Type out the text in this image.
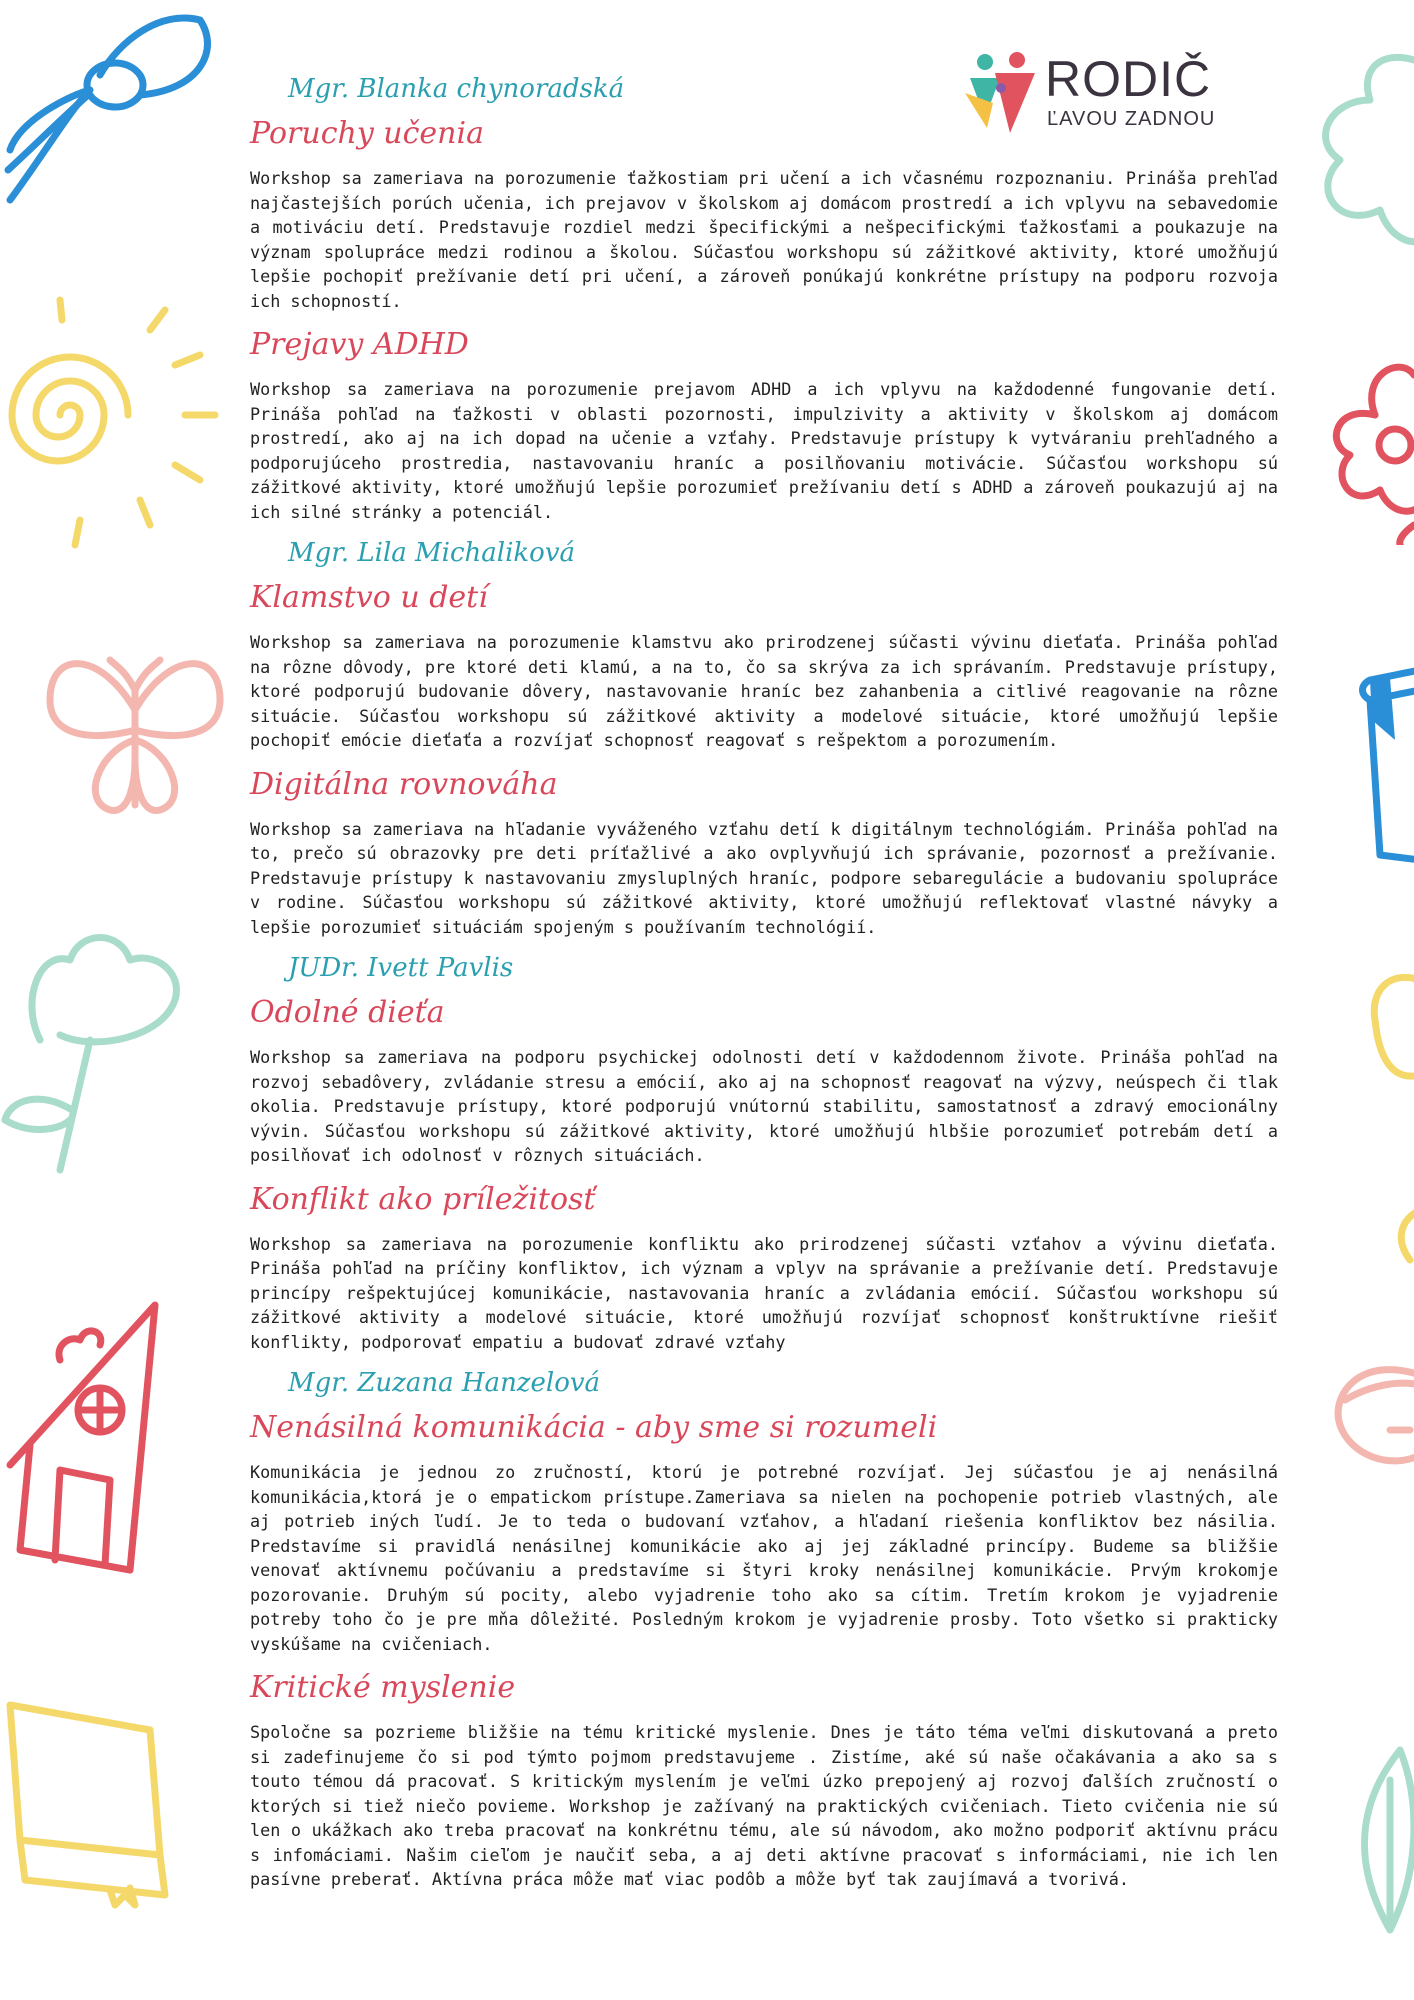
RODIČ
ĽAVOU ZADNOU
Mgr. Blanka chynoradská
Poruchy učenia
Workshop sa zameriava na porozumenie ťažkostiam pri učení a ich včasnému rozpoznaniu. Prináša prehľad najčastejších porúch učenia, ich prejavov v školskom aj domácom prostredí a ich vplyvu na sebavedomie a motiváciu detí. Predstavuje rozdiel medzi špecifickými a nešpecifickými ťažkosťami a poukazuje na význam spolupráce medzi rodinou a školou. Súčasťou workshopu sú zážitkové aktivity, ktoré umožňujú lepšie pochopiť prežívanie detí pri učení, a zároveň ponúkajú konkrétne prístupy na podporu rozvoja ich schopností.
Prejavy ADHD
Workshop sa zameriava na porozumenie prejavom ADHD a ich vplyvu na každodenné fungovanie detí. Prináša pohľad na ťažkosti v oblasti pozornosti, impulzivity a aktivity v školskom aj domácom prostredí, ako aj na ich dopad na učenie a vzťahy. Predstavuje prístupy k vytváraniu prehľadného a podporujúceho prostredia, nastavovaniu hraníc a posilňovaniu motivácie. Súčasťou workshopu sú zážitkové aktivity, ktoré umožňujú lepšie porozumieť prežívaniu detí s ADHD a zároveň poukazujú aj na ich silné stránky a potenciál.
Mgr. Lila Michaliková
Klamstvo u detí
Workshop sa zameriava na porozumenie klamstvu ako prirodzenej súčasti vývinu dieťaťa. Prináša pohľad na rôzne dôvody, pre ktoré deti klamú, a na to, čo sa skrýva za ich správaním. Predstavuje prístupy, ktoré podporujú budovanie dôvery, nastavovanie hraníc bez zahanbenia a citlivé reagovanie na rôzne situácie. Súčasťou workshopu sú zážitkové aktivity a modelové situácie, ktoré umožňujú lepšie pochopiť emócie dieťaťa a rozvíjať schopnosť reagovať s rešpektom a porozumením.
Digitálna rovnováha
Workshop sa zameriava na hľadanie vyváženého vzťahu detí k digitálnym technológiám. Prináša pohľad na to, prečo sú obrazovky pre deti príťažlivé a ako ovplyvňujú ich správanie, pozornosť a prežívanie. Predstavuje prístupy k nastavovaniu zmysluplných hraníc, podpore sebaregulácie a budovaniu spolupráce v rodine. Súčasťou workshopu sú zážitkové aktivity, ktoré umožňujú reflektovať vlastné návyky a lepšie porozumieť situáciám spojeným s používaním technológií.
JUDr. Ivett Pavlis
Odolné dieťa
Workshop sa zameriava na podporu psychickej odolnosti detí v každodennom živote. Prináša pohľad na rozvoj sebadôvery, zvládanie stresu a emócií, ako aj na schopnosť reagovať na výzvy, neúspech či tlak okolia. Predstavuje prístupy, ktoré podporujú vnútornú stabilitu, samostatnosť a zdravý emocionálny vývin. Súčasťou workshopu sú zážitkové aktivity, ktoré umožňujú hlbšie porozumieť potrebám detí a posilňovať ich odolnosť v rôznych situáciách.
Konflikt ako príležitosť
Workshop sa zameriava na porozumenie konfliktu ako prirodzenej súčasti vzťahov a vývinu dieťaťa. Prináša pohľad na príčiny konfliktov, ich význam a vplyv na správanie a prežívanie detí. Predstavuje princípy rešpektujúcej komunikácie, nastavovania hraníc a zvládania emócií. Súčasťou workshopu sú zážitkové aktivity a modelové situácie, ktoré umožňujú rozvíjať schopnosť konštruktívne riešiť konflikty, podporovať empatiu a budovať zdravé vzťahy
Mgr. Zuzana Hanzelová
Nenásilná komunikácia - aby sme si rozumeli
Komunikácia je jednou zo zručností, ktorú je potrebné rozvíjať. Jej súčasťou je aj nenásilná komunikácia,ktorá je o empatickom prístupe.Zameriava sa nielen na pochopenie potrieb vlastných, ale aj potrieb iných ľudí. Je to teda o budovaní vzťahov, a hľadaní riešenia konfliktov bez násilia. Predstavíme si pravidlá nenásilnej komunikácie ako aj jej základné princípy. Budeme sa bližšie venovať aktívnemu počúvaniu a predstavíme si štyri kroky nenásilnej komunikácie. Prvým krokomje pozorovanie. Druhým sú pocity, alebo vyjadrenie toho ako sa cítim. Tretím krokom je vyjadrenie potreby toho čo je pre mňa dôležité. Posledným krokom je vyjadrenie prosby. Toto všetko si prakticky vyskúšame na cvičeniach.
Kritické myslenie
Spoločne sa pozrieme bližšie na tému kritické myslenie. Dnes je táto téma veľmi diskutovaná a preto si zadefinujeme čo si pod týmto pojmom predstavujeme . Zistíme, aké sú naše očakávania a ako sa s touto témou dá pracovať. S kritickým myslením je veľmi úzko prepojený aj rozvoj ďalších zručností o ktorých si tiež niečo povieme. Workshop je zažívaný na praktických cvičeniach. Tieto cvičenia nie sú len o ukážkach ako treba pracovať na konkrétnu tému, ale sú návodom, ako možno podporiť aktívnu prácu s infomáciami. Našim cieľom je naučiť seba, a aj deti aktívne pracovať s informáciami, nie ich len pasívne preberať. Aktívna práca môže mať viac podôb a môže byť tak zaujímavá a tvorivá.
